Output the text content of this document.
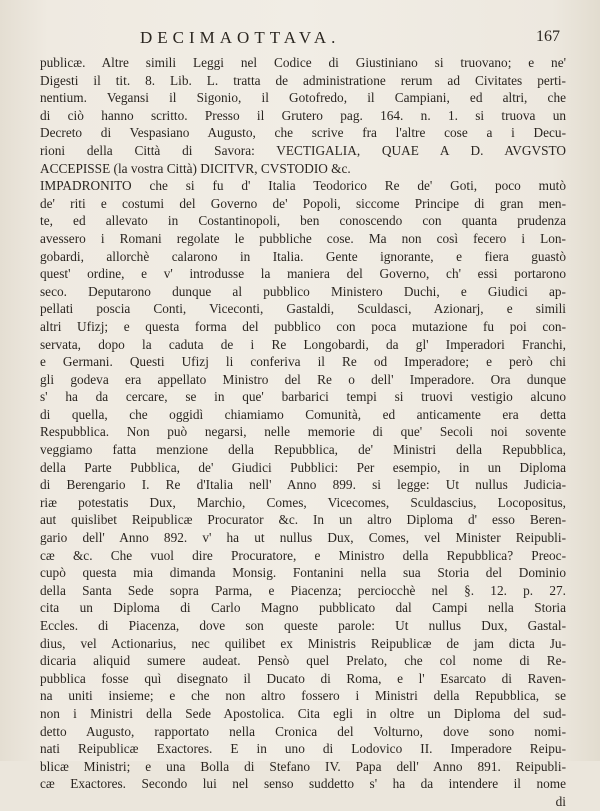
DECIMAOTTAVA.	167
publicæ. Altre simili Leggi nel Codice di Giustiniano si truovano; e ne'
Digesti il tit. 8. Lib. L. tratta de administratione rerum ad Civitates perti-
nentium. Vegansi il Sigonio, il Gotofredo, il Campiani, ed altri, che
di ciò hanno scritto. Presso il Grutero pag. 164. n. 1. si truova un
Decreto di Vespasiano Augusto, che scrive fra l'altre cose a i Decu-
rioni della Città di Savora: VECTIGALIA, QUAE A D. AVGVSTO
ACCEPISSE (la vostra Città) DICITVR, CVSTODIO &c.
IMPADRONITO che si fu d' Italia Teodorico Re de' Goti, poco mutò
de' riti e costumi del Governo de' Popoli, siccome Principe di gran men-
te, ed allevato in Costantinopoli, ben conoscendo con quanta prudenza
avessero i Romani regolate le pubbliche cose. Ma non così fecero i Lon-
gobardi, allorchè calarono in Italia. Gente ignorante, e fiera guastò
quest' ordine, e v' introdusse la maniera del Governo, ch' essi portarono
seco. Deputarono dunque al pubblico Ministero Duchi, e Giudici ap-
pellati poscia Conti, Viceconti, Gastaldi, Sculdasci, Azionarj, e simili
altri Ufizj; e questa forma del pubblico con poca mutazione fu poi con-
servata, dopo la caduta de i Re Longobardi, da gl' Imperadori Franchi,
e Germani. Questi Ufizj li conferiva il Re od Imperadore; e però chi
gli godeva era appellato Ministro del Re o dell' Imperadore. Ora dunque
s' ha da cercare, se in que' barbarici tempi si truovi vestigio alcuno
di quella, che oggidì chiamiamo Comunità, ed anticamente era detta
Respubblica. Non può negarsi, nelle memorie di que' Secoli noi sovente
veggiamo fatta menzione della Repubblica, de' Ministri della Repubblica,
della Parte Pubblica, de' Giudici Pubblici: Per esempio, in un Diploma
di Berengario I. Re d'Italia nell' Anno 899. si legge: Ut nullus Judicia-
riæ potestatis Dux, Marchio, Comes, Vicecomes, Sculdascius, Locopositus,
aut quislibet Reipublicæ Procurator &c. In un altro Diploma d' esso Beren-
gario dell' Anno 892. v' ha ut nullus Dux, Comes, vel Minister Reipubli-
cæ &c. Che vuol dire Procuratore, e Ministro della Repubblica? Preoc-
cupò questa mia dimanda Monsig. Fontanini nella sua Storia del Dominio
della Santa Sede sopra Parma, e Piacenza; perciocchè nel §. 12. p. 27.
cita un Diploma di Carlo Magno pubblicato dal Campi nella Storia
Eccles. di Piacenza, dove son queste parole: Ut nullus Dux, Gastal-
dius, vel Actionarius, nec quilibet ex Ministris Reipublicæ de jam dicta Ju-
dicaria aliquid sumere audeat. Pensò quel Prelato, che col nome di Re-
pubblica fosse quì disegnato il Ducato di Roma, e l' Esarcato di Raven-
na uniti insieme; e che non altro fossero i Ministri della Repubblica, se
non i Ministri della Sede Apostolica. Cita egli in oltre un Diploma del sud-
detto Augusto, rapportato nella Cronica del Volturno, dove sono nomi-
nati Reipublicæ Exactores. E in uno di Lodovico II. Imperadore Reipu-
blicæ Ministri; e una Bolla di Stefano IV. Papa dell' Anno 891. Reipubli-
cæ Exactores. Secondo lui nel senso suddetto s' ha da intendere il nome
di
